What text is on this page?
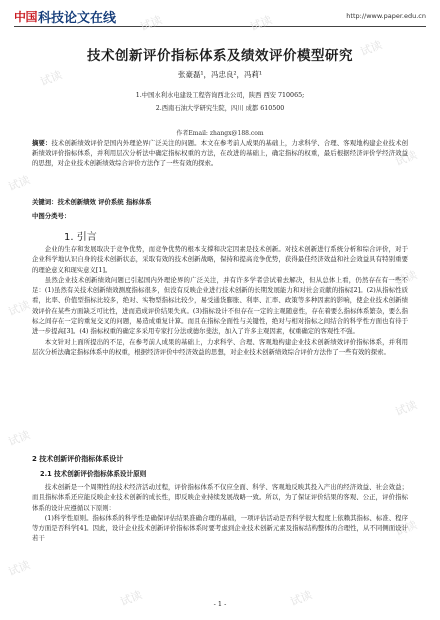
中国 科技论文在线	http://www.paper.edu.cn
试读
试读	试读
试读
试读
试读
试读
试读
试读
试读
试读
试读
试读	试读
技术创新评价指标体系及绩效评价模型研究
张豪磊¹，冯忠良²，冯莉¹
1.中国水利水电建设工程咨询西北公司，陕西 西安 710065;
2.西南石油大学研究生院，四川 成都 610500
作者Email: zhangx@188.com
摘要：技术创新绩效评价是国内外理论界广泛关注的问题。本文在参考前人成果的基础上，力求科学、合理、客观地构建企业技术创新绩效评价指标体系，并利用层次分析法中确定指标权重的方法，在改进的基础上，确定指标的权重，最后根据经济评价学经济效益的思想，对企业技术创新绩效综合评价方法作了一些有效的探索。
关键词：技术创新绩效 评价系统 指标体系
中图分类号：
1. 引言

企业的生存和发展取决于竞争优势，而竞争优势的根本支撑和决定因素是技术创新。对技术创新进行系统分析和综合评价，对于企业科学地认识自身的技术创新状态，采取有效的技术创新战略，保持和提高竞争优势，获得最佳经济效益和社会效益具有特别重要的理论意义和现实意义[1]。

虽然企业技术创新绩效问题已引起国内外理论界的广泛关注，并有许多学者尝试着去解决，但从总体上看，仍然存在有一些不足：(1)虽然有关技术创新绩效测度指标很多，但没有反映企业进行技术创新的长期发展能力和对社会贡献的指标[2]。(2)从指标性质看，比率、价值型指标比较多，绝对、实物型指标比较少，易受通货膨胀、利率、汇率、政策等多种因素的影响，使企业技术创新绩效评价在某些方面缺乏可比性，进而造成评价结果失真。(3)指标设计不但存在一定的主观随意性，存在着要么指标体系繁杂，要么指标之间存在一定的重复交叉的问题，易造成重复计算。而且在指标全面性与关键性，绝对与相对指标之间结合的科学性方面也有待于进一步提高[3]。(4) 指标权重的确定多采用专家打分法或德尔斐法，加入了许多主观因素，权重确定的客观性不强。

本文针对上面所提出的不足，在参考前人成果的基础上，力求科学、合理、客观地构建企业技术创新绩效评价指标体系，并利用层次分析法确定指标体系中的权重，根据经济评价中经济效益的思想，对企业技术创新绩效综合评价方法作了一些有效的探索。

2 技术创新评价指标体系设计
2.1 技术创新评价指标体系设计原则

技术创新是一个周期性的技术经济活动过程，评价指标体系不仅应全面、科学、客观地反映其投入产出的经济效益、社会效益；而且指标体系还应能反映企业技术创新的成长性，即反映企业持续发展战略一致。所以，为了保证评价结果的客观、公正，评价指标体系的设计应遵循以下原则：

(1)科学性原则。指标体系的科学性是确保评估结果准确合理的基础，一项评估活动是否科学很大程度上依赖其指标、标准、程序等方面是否科学[4]。因此，设计企业技术创新评价指标体系时要考虑到企业技术创新元素及指标结构整体的合理性，从不同侧面设计若干

- 1 -
